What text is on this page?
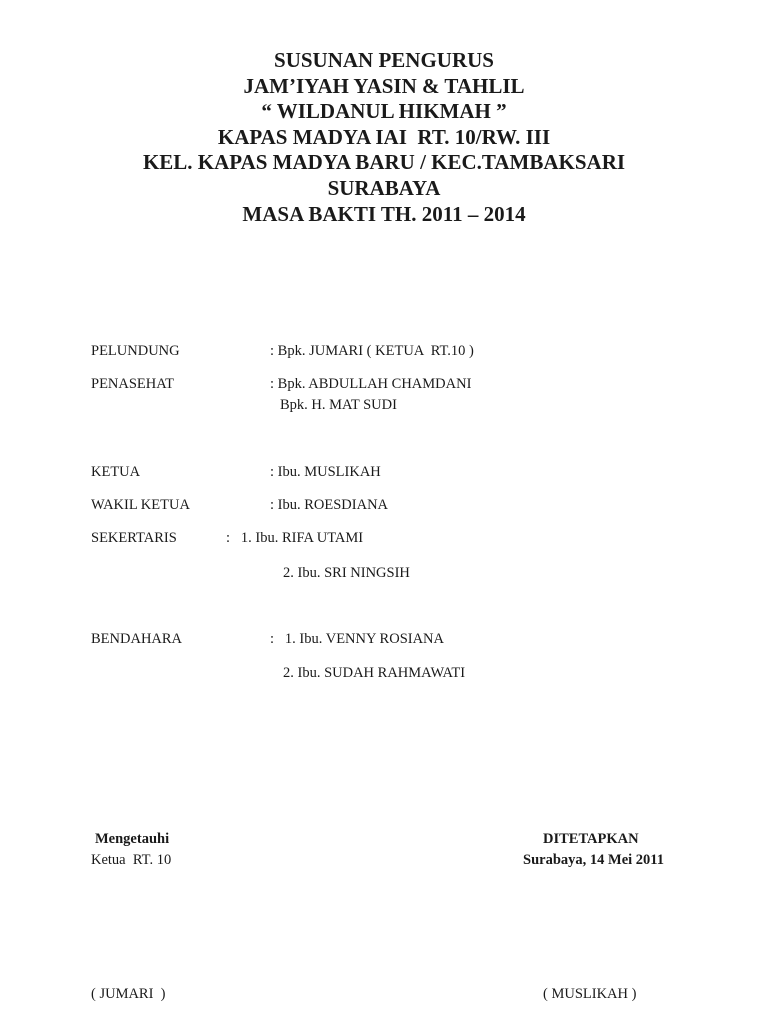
SUSUNAN PENGURUS
JAM’IYAH YASIN & TAHLIL
“ WILDANUL HIKMAH ”
KAPAS MADYA IAI  RT. 10/RW. III
KEL. KAPAS MADYA BARU / KEC.TAMBAKSARI
SURABAYA
MASA BAKTI TH. 2011 – 2014
PELUNDUNG	: Bpk. JUMARI ( KETUA  RT.10 )
PENASEHAT	: Bpk. ABDULLAH CHAMDANI
Bpk. H. MAT SUDI
KETUA	: Ibu. MUSLIKAH
WAKIL KETUA	: Ibu. ROESDIANA
SEKERTARIS	:   1. Ibu. RIFA UTAMI
2. Ibu. SRI NINGSIH
BENDAHARA	:   1. Ibu. VENNY ROSIANA
2. Ibu. SUDAH RAHMAWATI
Mengetauhi
Ketua  RT. 10
( JUMARI  )
DITETAPKAN
Surabaya, 14 Mei 2011
( MUSLIKAH )
